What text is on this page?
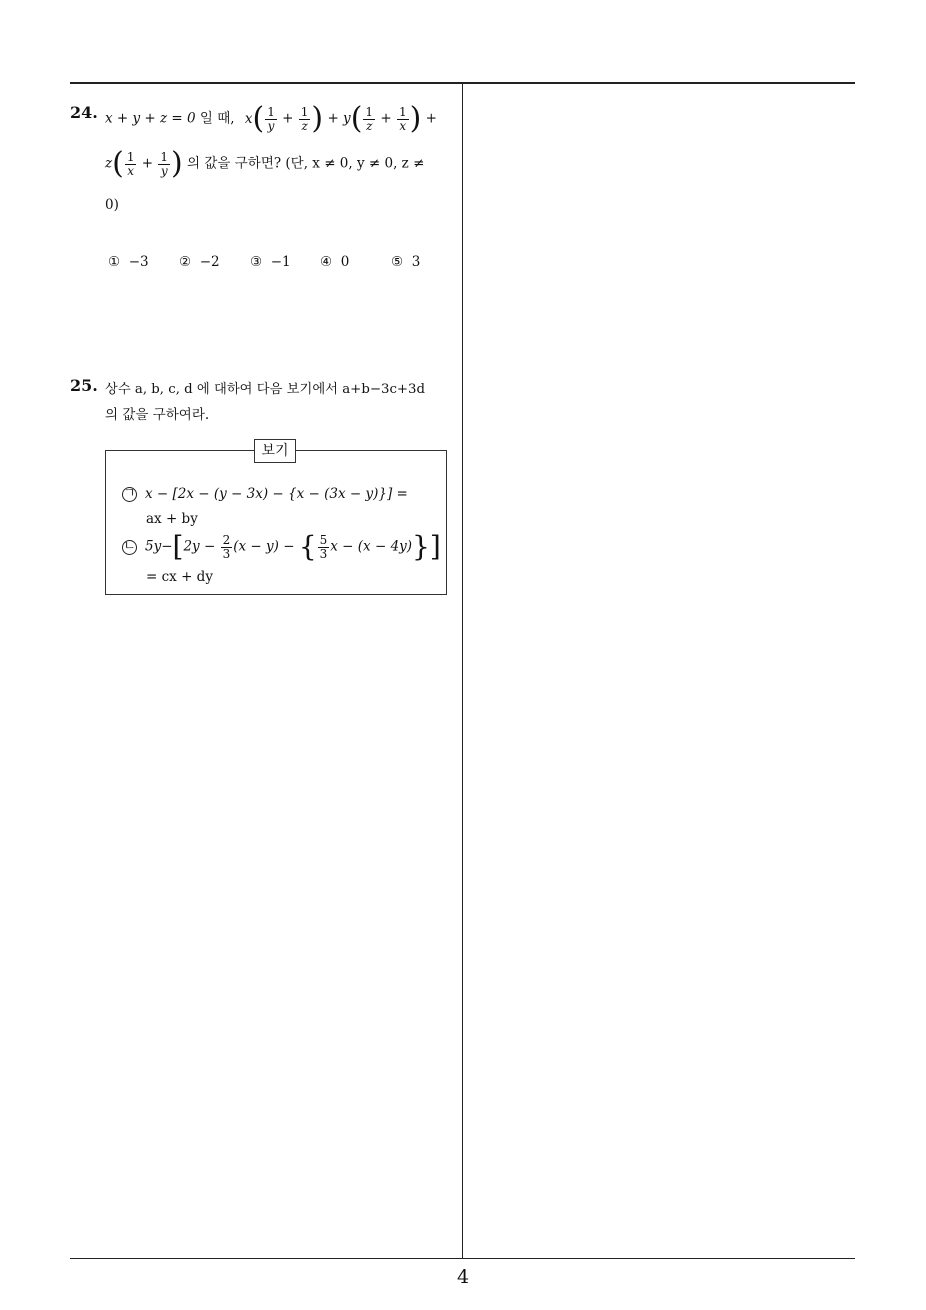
4
24. x + y + z = 0 일 때, $x( \frac{1}{y} + \frac{1}{z}$ ) + $y( \frac{1}{z} + \frac{1}{x}$ ) +
$z( \frac{1}{x} + \frac{1}{y}$ ) 의 값을 구하면? (단, x ≠ 0, y ≠ 0, z ≠
0)
① −3 ② −2 ③ −1 ④ 0	⑤ 3
25. 상수 a, b, c, d 에 대하여 다음 보기에서 a+b−3c+3d
의 값을 구하여라.
보기
ㄱ x − [2x − (y − 3x) − {x − (3x − y)}] =
ax + by
ㄴ $5y-[2y - \frac{2}{3} (x - y)$ − { $\frac{5}{3}$ x − (x − 4y)}]
= cx + dy
